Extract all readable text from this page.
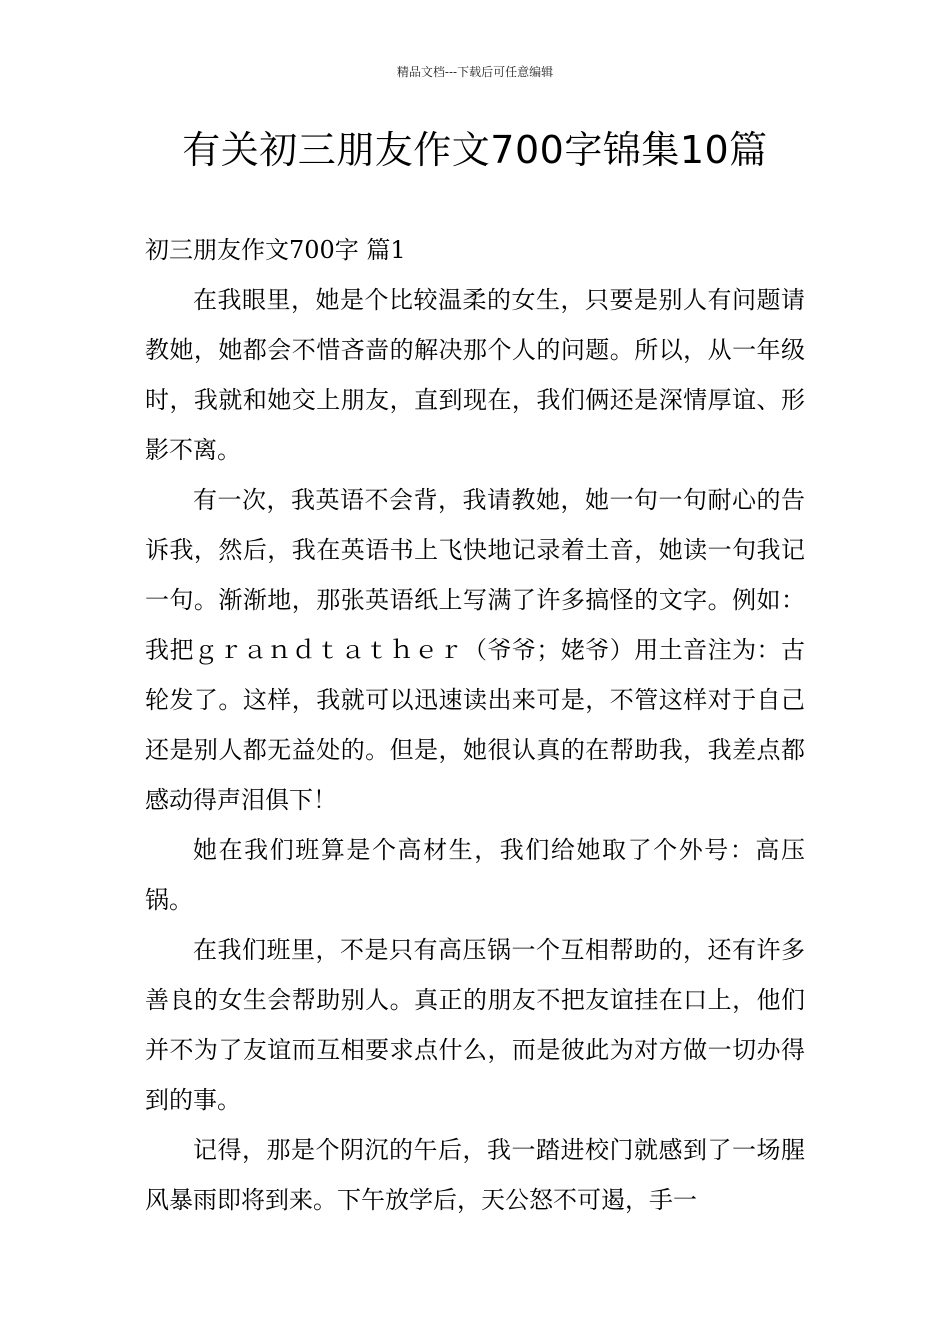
精品文档---下载后可任意编辑
有关初三朋友作文700字锦集10篇
初三朋友作文700字 篇1

在我眼里，她是个比较温柔的女生，只要是别人有问题请教她，她都会不惜吝啬的解决那个人的问题。所以，从一年级时，我就和她交上朋友，直到现在，我们俩还是深情厚谊、形影不离。

有一次，我英语不会背，我请教她，她一句一句耐心的告诉我，然后，我在英语书上飞快地记录着土音，她读一句我记一句。渐渐地，那张英语纸上写满了许多搞怪的文字。例如：我把ｇｒａｎｄｔａｔｈｅｒ（爷爷；姥爷）用土音注为：古轮发了。这样，我就可以迅速读出来可是，不管这样对于自己还是别人都无益处的。但是，她很认真的在帮助我，我差点都感动得声泪俱下！

她在我们班算是个高材生，我们给她取了个外号：高压锅。

在我们班里，不是只有高压锅一个互相帮助的，还有许多善良的女生会帮助别人。真正的朋友不把友谊挂在口上，他们并不为了友谊而互相要求点什么，而是彼此为对方做一切办得到的事。

记得，那是个阴沉的午后，我一踏进校门就感到了一场腥风暴雨即将到来。下午放学后，天公怒不可遏，手一
